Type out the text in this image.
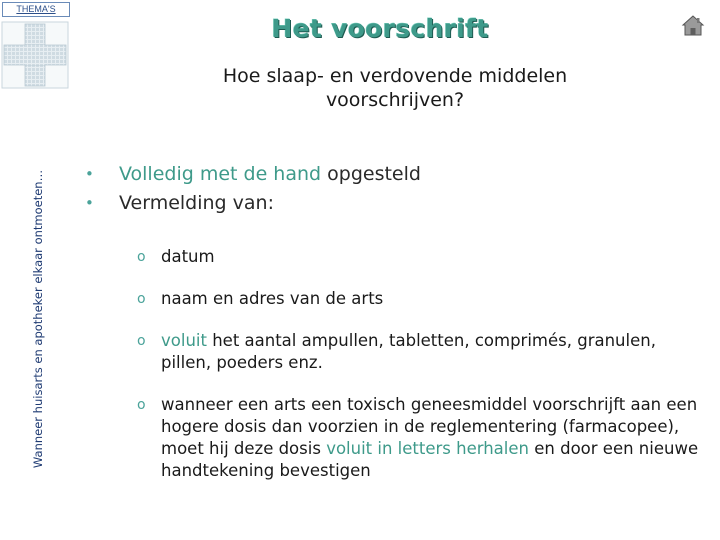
THEMA'S
Wanneer huisarts en apotheker elkaar ontmoeten…
Het voorschrift
Hoe slaap- en verdovende middelen
voorschrijven?
•	Volledig met de hand opgesteld
•	Vermelding van:
o datum
o naam en adres van de arts
o voluit het aantal ampullen, tabletten, comprimés, granulen, pillen, poeders enz.
o wanneer een arts een toxisch geneesmiddel voorschrijft aan een hogere dosis dan voorzien in de reglementering (farmacopee), moet hij deze dosis voluit in letters herhalen en door een nieuwe handtekening bevestigen
